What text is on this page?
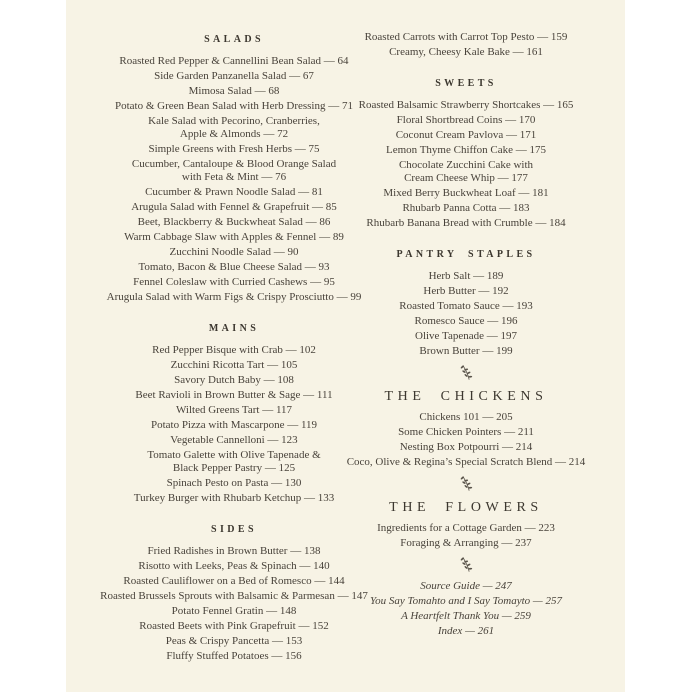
SALADS
Roasted Red Pepper & Cannellini Bean Salad — 64
Side Garden Panzanella Salad — 67
Mimosa Salad — 68
Potato & Green Bean Salad with Herb Dressing — 71
Kale Salad with Pecorino, Cranberries,
Apple & Almonds — 72
Simple Greens with Fresh Herbs — 75
Cucumber, Cantaloupe & Blood Orange Salad
with Feta & Mint — 76
Cucumber & Prawn Noodle Salad — 81
Arugula Salad with Fennel & Grapefruit — 85
Beet, Blackberry & Buckwheat Salad — 86
Warm Cabbage Slaw with Apples & Fennel — 89
Zucchini Noodle Salad — 90
Tomato, Bacon & Blue Cheese Salad — 93
Fennel Coleslaw with Curried Cashews — 95
Arugula Salad with Warm Figs & Crispy Prosciutto — 99
MAINS
Red Pepper Bisque with Crab — 102
Zucchini Ricotta Tart — 105
Savory Dutch Baby — 108
Beet Ravioli in Brown Butter & Sage — 111
Wilted Greens Tart — 117
Potato Pizza with Mascarpone — 119
Vegetable Cannelloni — 123
Tomato Galette with Olive Tapenade &
Black Pepper Pastry — 125
Spinach Pesto on Pasta — 130
Turkey Burger with Rhubarb Ketchup — 133
SIDES
Fried Radishes in Brown Butter — 138
Risotto with Leeks, Peas & Spinach — 140
Roasted Cauliflower on a Bed of Romesco — 144
Roasted Brussels Sprouts with Balsamic & Parmesan — 147
Potato Fennel Gratin — 148
Roasted Beets with Pink Grapefruit — 152
Peas & Crispy Pancetta — 153
Fluffy Stuffed Potatoes — 156
Roasted Carrots with Carrot Top Pesto — 159
Creamy, Cheesy Kale Bake — 161
SWEETS
Roasted Balsamic Strawberry Shortcakes — 165
Floral Shortbread Coins — 170
Coconut Cream Pavlova — 171
Lemon Thyme Chiffon Cake — 175
Chocolate Zucchini Cake with
Cream Cheese Whip — 177
Mixed Berry Buckwheat Loaf — 181
Rhubarb Panna Cotta — 183
Rhubarb Banana Bread with Crumble — 184
PANTRY STAPLES
Herb Salt — 189
Herb Butter — 192
Roasted Tomato Sauce — 193
Romesco Sauce — 196
Olive Tapenade — 197
Brown Butter — 199
THE CHICKENS
Chickens 101 — 205
Some Chicken Pointers — 211
Nesting Box Potpourri — 214
Coco, Olive & Regina’s Special Scratch Blend — 214
THE FLOWERS
Ingredients for a Cottage Garden — 223
Foraging & Arranging — 237
Source Guide — 247
You Say Tomahto and I Say Tomayto — 257
A Heartfelt Thank You — 259
Index — 261
